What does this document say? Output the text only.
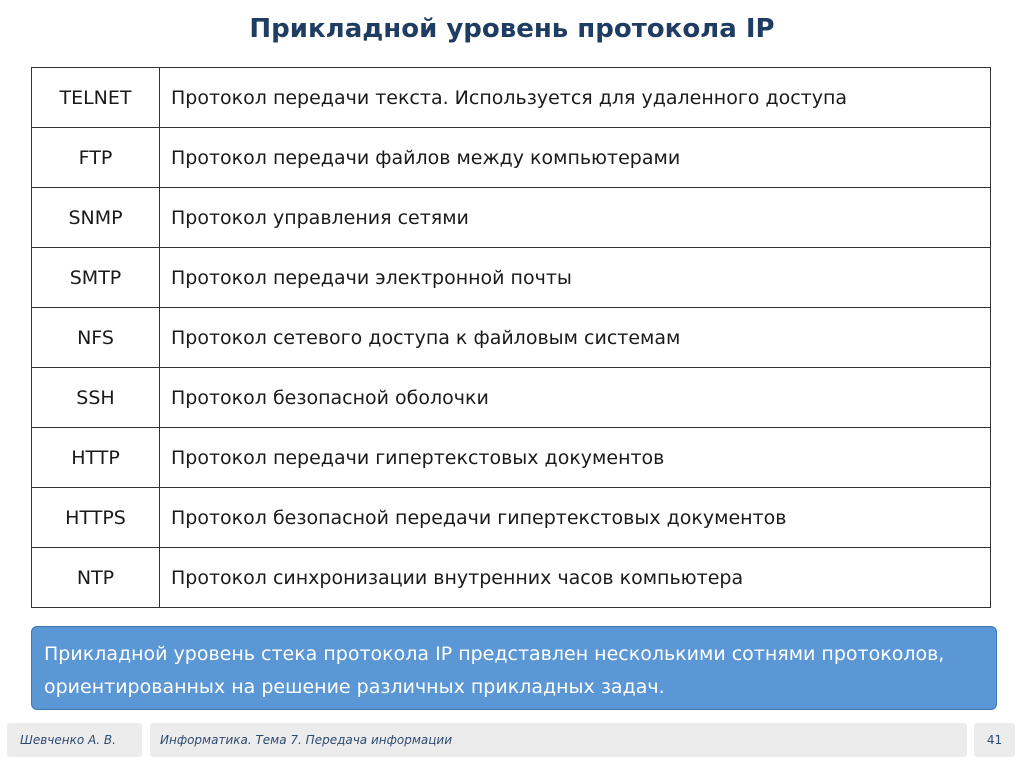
Прикладной уровень протокола IP
TELNET	Протокол передачи текста. Используется для удаленного доступа
FTP	Протокол передачи файлов между компьютерами
SNMP	Протокол управления сетями
SMTP	Протокол передачи электронной почты
NFS	Протокол сетевого доступа к файловым системам
SSH	Протокол безопасной оболочки
HTTP	Протокол передачи гипертекстовых документов
HTTPS	Протокол безопасной передачи гипертекстовых документов
NTP	Протокол синхронизации внутренних часов компьютера
Прикладной уровень стека протокола IP представлен несколькими сотнями протоколов, ориентированных на решение различных прикладных задач.
Шевченко А. В.	Информатика. Тема 7. Передача информации	41
